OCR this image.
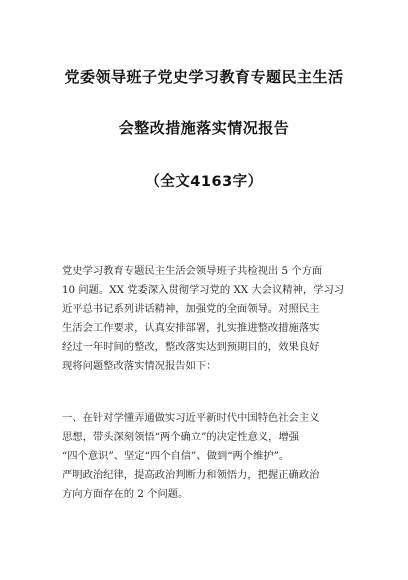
党委领导班子党史学习教育专题民主生活
会整改措施落实情况报告
（全文4163字）
党史学习教育专题民主生活会领导班子共检视出 5 个方面
10 问题。XX 党委深入贯彻学习党的 XX 大会议精神，学习习
近平总书记系列讲话精神，加强党的全面领导。对照民主
生活会工作要求，认真安排部署，扎实推进整改措施落实
经过一年时间的整改，整改落实达到预期目的，效果良好
现将问题整改落实情况报告如下：
一、在针对学懂弄通做实习近平新时代中国特色社会主义
思想，带头深刻领悟“两个确立”的决定性意义，增强
“四个意识”、坚定“四个自信”、做到“两个维护”。
严明政治纪律，提高政治判断力和领悟力，把握正确政治
方向方面存在的 2 个问题。
